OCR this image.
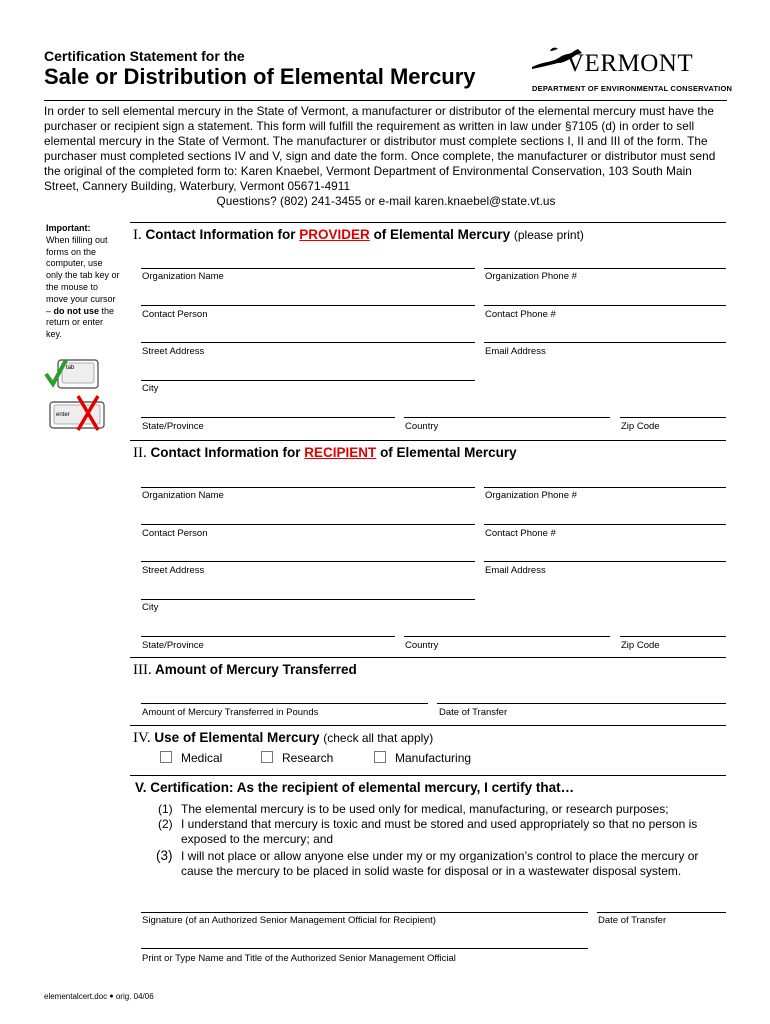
Certification Statement for the
Sale or Distribution of Elemental Mercury	VERMONT
DEPARTMENT OF ENVIRONMENTAL CONSERVATION
In order to sell elemental mercury in the State of Vermont, a manufacturer or distributor of the elemental mercury must have the purchaser or recipient sign a statement. This form will fulfill the requirement as written in law under §7105 (d) in order to sell elemental mercury in the State of Vermont. The manufacturer or distributor must complete sections I, II and III of the form. The purchaser must completed sections IV and V, sign and date the form. Once complete, the manufacturer or distributor must send the original of the completed form to: Karen Knaebel, Vermont Department of Environmental Conservation, 103 South Main Street, Cannery Building, Waterbury, Vermont 05671-4911
Questions? (802) 241-3455 or e-mail karen.knaebel@state.vt.us
Important:
When filling out forms on the computer, use only the tab key or the mouse to move your cursor – do not use the return or enter key.
tab
enter
I. Contact Information for PROVIDER of Elemental Mercury (please print)
Organization Name	Organization Phone #
Contact Person	Contact Phone #
Street Address	Email Address
City
State/Province	Country	Zip Code
II. Contact Information for RECIPIENT of Elemental Mercury
Organization Name	Organization Phone #
Contact Person	Contact Phone #
Street Address	Email Address
City
State/Province	Country	Zip Code
III. Amount of Mercury Transferred
Amount of Mercury Transferred in Pounds	Date of Transfer
IV. Use of Elemental Mercury (check all that apply)
Medical	Research	Manufacturing
V. Certification: As the recipient of elemental mercury, I certify that…
(1) The elemental mercury is to be used only for medical, manufacturing, or research purposes;
(2) I understand that mercury is toxic and must be stored and used appropriately so that no person is exposed to the mercury; and
(3) I will not place or allow anyone else under my or my organization’s control to place the mercury or cause the mercury to be placed in solid waste for disposal or in a wastewater disposal system.
Signature (of an Authorized Senior Management Official for Recipient)	Date of Transfer
Print or Type Name and Title of the Authorized Senior Management Official
elementalcert.doc ● orig. 04/06
